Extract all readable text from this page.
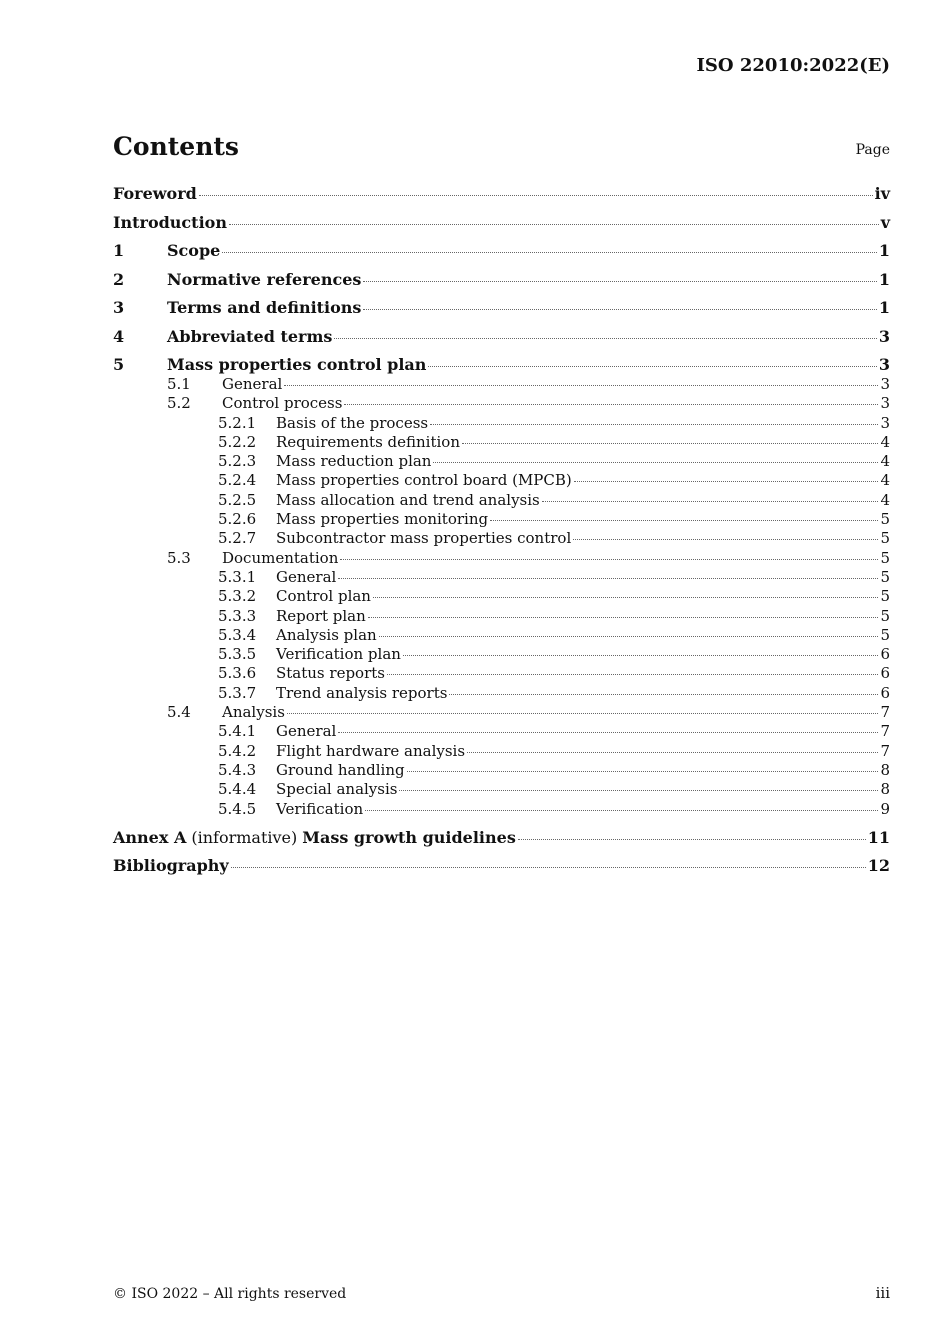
ISO 22010:2022(E)
Contents	Page
Foreword	iv
Introduction	v
1	Scope	1
2	Normative references	1
3	Terms and definitions	1
4	Abbreviated terms	3
5	Mass properties control plan	3
5.1	General	3
5.2	Control process	3
5.2.1	Basis of the process	3
5.2.2	Requirements definition	4
5.2.3	Mass reduction plan	4
5.2.4	Mass properties control board (MPCB)	4
5.2.5	Mass allocation and trend analysis	4
5.2.6	Mass properties monitoring	5
5.2.7	Subcontractor mass properties control	5
5.3	Documentation	5
5.3.1	General	5
5.3.2	Control plan	5
5.3.3	Report plan	5
5.3.4	Analysis plan	5
5.3.5	Verification plan	6
5.3.6	Status reports	6
5.3.7	Trend analysis reports	6
5.4	Analysis	7
5.4.1	General	7
5.4.2	Flight hardware analysis	7
5.4.3	Ground handling	8
5.4.4	Special analysis	8
5.4.5	Verification	9
Annex A (informative) Mass growth guidelines	11
Bibliography	12
© ISO 2022 – All rights reserved	iii
